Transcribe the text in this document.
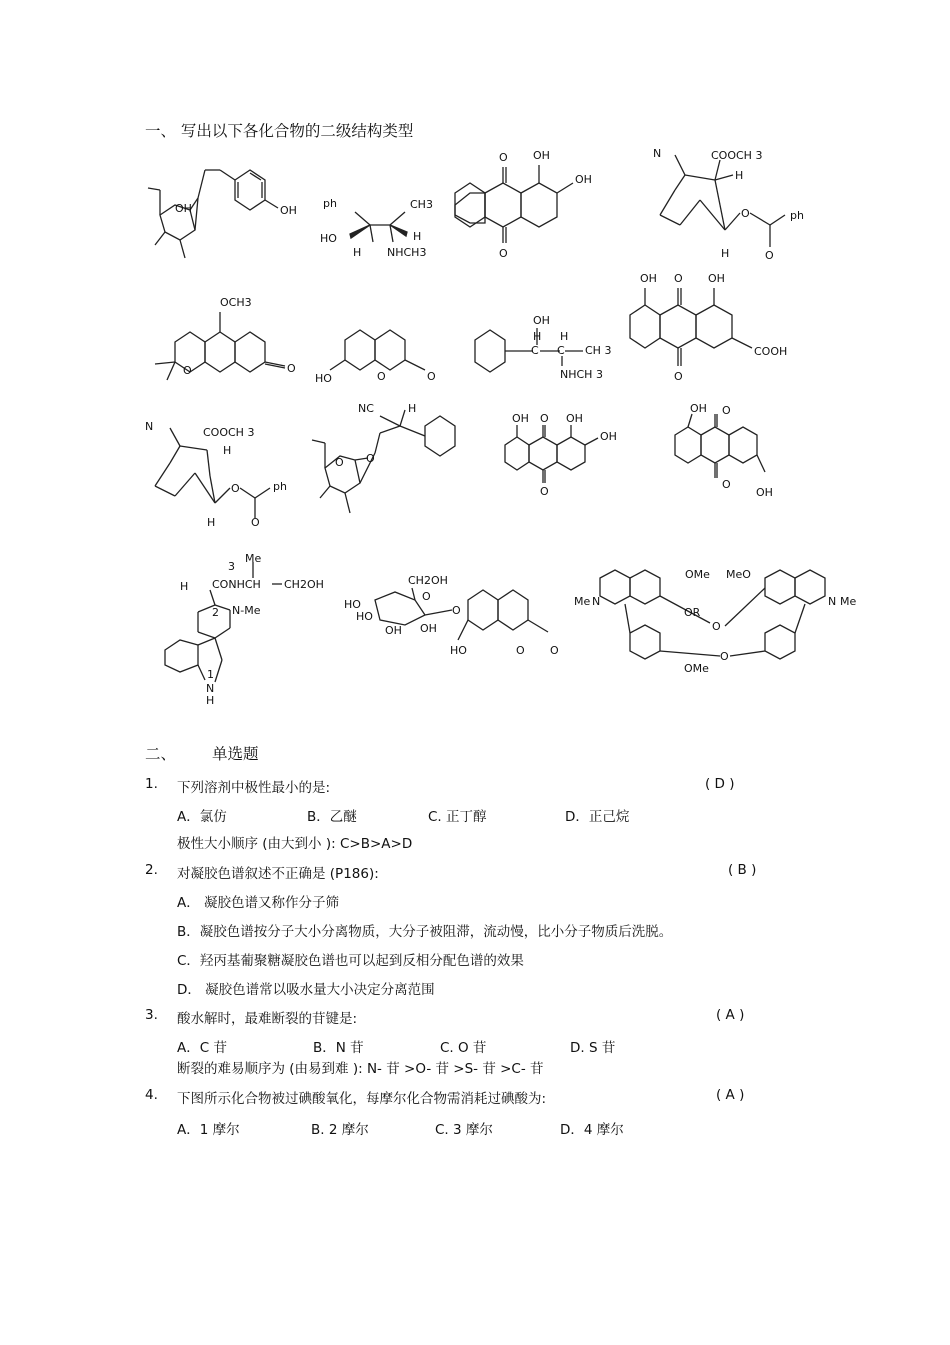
一、 写出以下各化合物的二级结构类型
OH	OH
ph	CH3
HO	H
H NHCH3
O OH
OH
O
N	COOCH 3
H
O	ph
H	O
OCH3
O	O
HO	O	O
OH
C
H H
C CH 3
NHCH 3
OH O OH
COOH
O
N	COOCH 3
H
O	ph
H	O
NC	H
O O
OH O OH
OH
O
OH O
O
OH
Me
3
CONHCH CH2OH
H
2 N-Me
1
N
H
CH2OH
O
HO
HO
OH
OH
O
HO	O O
OMe MeO
Me N
OR
O
N Me
O
OMe
二、 单选题
1. 下列溶剂中极性最小的是:	( D )
A．氯仿	B．乙醚	C. 正丁醇	D．正己烷
极性大小顺序 (由大到小 ): C>B>A>D
2. 对凝胶色谱叙述不正确是 (P186):	( B )
A． 凝胶色谱又称作分子筛
B．凝胶色谱按分子大小分离物质，大分子被阻滞，流动慢，比小分子物质后洗脱。
C．羟丙基葡聚糖凝胶色谱也可以起到反相分配色谱的效果
D． 凝胶色谱常以吸水量大小决定分离范围
3. 酸水解时，最难断裂的苷键是:	( A )
A．C 苷	B．N 苷	C. O 苷	D. S 苷
断裂的难易顺序为 (由易到难 ): N- 苷 >O- 苷 >S- 苷 >C- 苷
4. 下图所示化合物被过碘酸氧化，每摩尔化合物需消耗过碘酸为:	( A )
A．1 摩尔	B. 2 摩尔	C. 3 摩尔	D．4 摩尔
